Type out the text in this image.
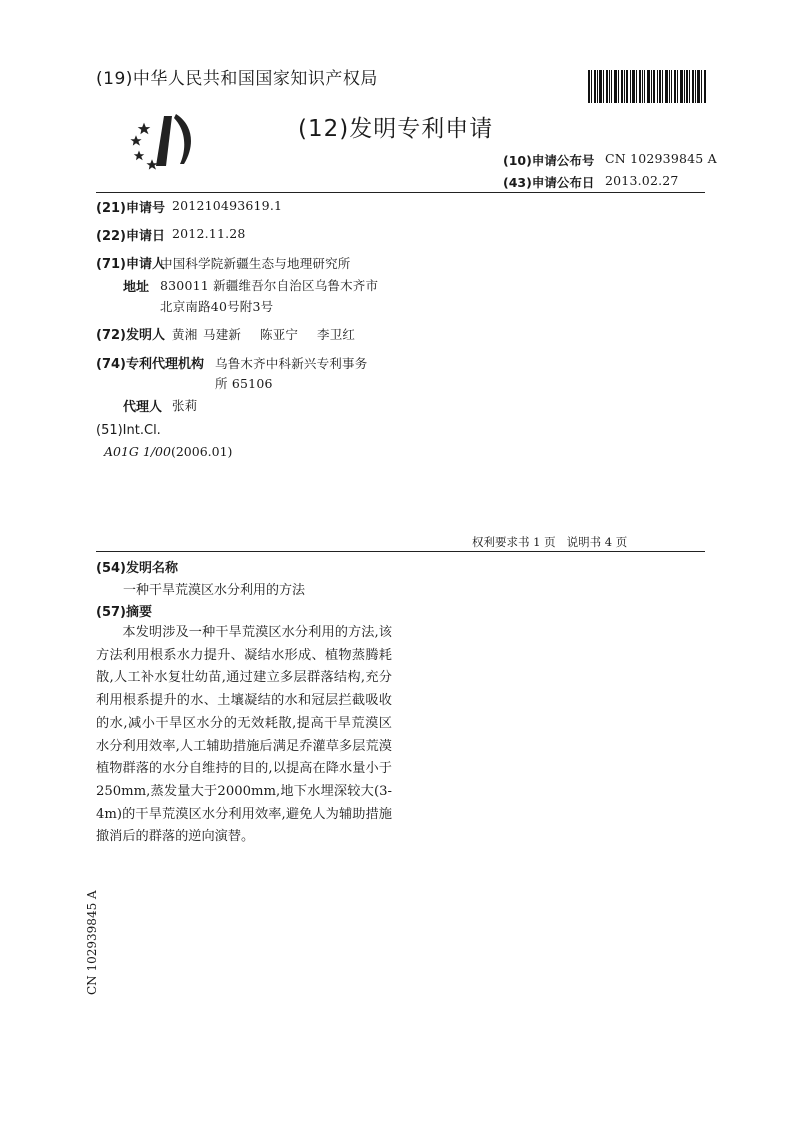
(19)中华人民共和国国家知识产权局
(12)发明专利申请
(10)申请公布号 CN 102939845 A
(43)申请公布日 2013.02.27
(21)申请号 201210493619.1
(22)申请日 2012.11.28
(71)申请人
中国科学院新疆生态与地理研究所
地址 830011 新疆维吾尔自治区乌鲁木齐市
北京南路40号附3号
(72)发明人 黄湘 马建新 陈亚宁 李卫红
(74)专利代理机构 乌鲁木齐中科新兴专利事务
所 65106
代理人 张莉
(51)Int.Cl.
A01G 1/00(2006.01)
权利要求书 1 页   说明书 4 页
(54)发明名称
一种干旱荒漠区水分利用的方法
(57)摘要

本发明涉及一种干旱荒漠区水分利用的方法,该方法利用根系水力提升、凝结水形成、植物蒸腾耗散,人工补水复壮幼苗,通过建立多层群落结构,充分利用根系提升的水、土壤凝结的水和冠层拦截吸收的水,减小干旱区水分的无效耗散,提高干旱荒漠区水分利用效率,人工辅助措施后满足乔灌草多层荒漠植物群落的水分自维持的目的,以提高在降水量小于250mm,蒸发量大于2000mm,地下水埋深较大(3-4m)的干旱荒漠区水分利用效率,避免人为辅助措施撤消后的群落的逆向演替。

CN 102939845 A
